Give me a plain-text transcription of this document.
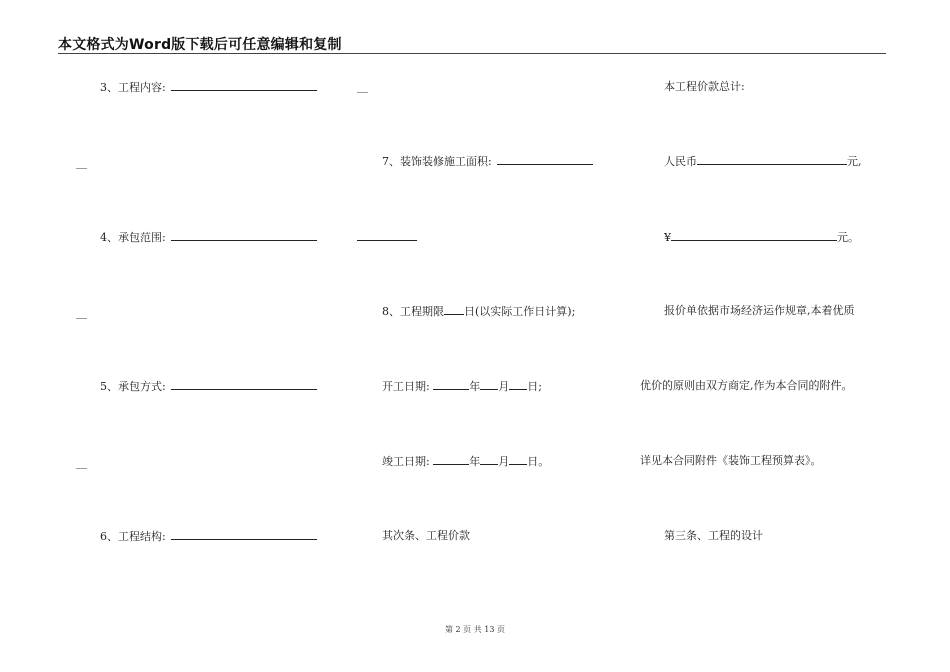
本文格式为Word版下载后可任意编辑和复制
3、工程内容:
__
4、承包范围:
__
5、承包方式:
__
6、工程结构:
__
7、装饰装修施工面积:
8、工程期限 日(以实际工作日计算);
开工日期:	年 月 日;
竣工日期:	年 月 日。
其次条、工程价款
本工程价款总计:
人民币	元,
¥	元。
报价单依据市场经济运作规章,本着优质
优价的原则由双方商定,作为本合同的附件。
详见本合同附件《装饰工程预算表》。
第三条、工程的设计
第 2 页 共 13 页
